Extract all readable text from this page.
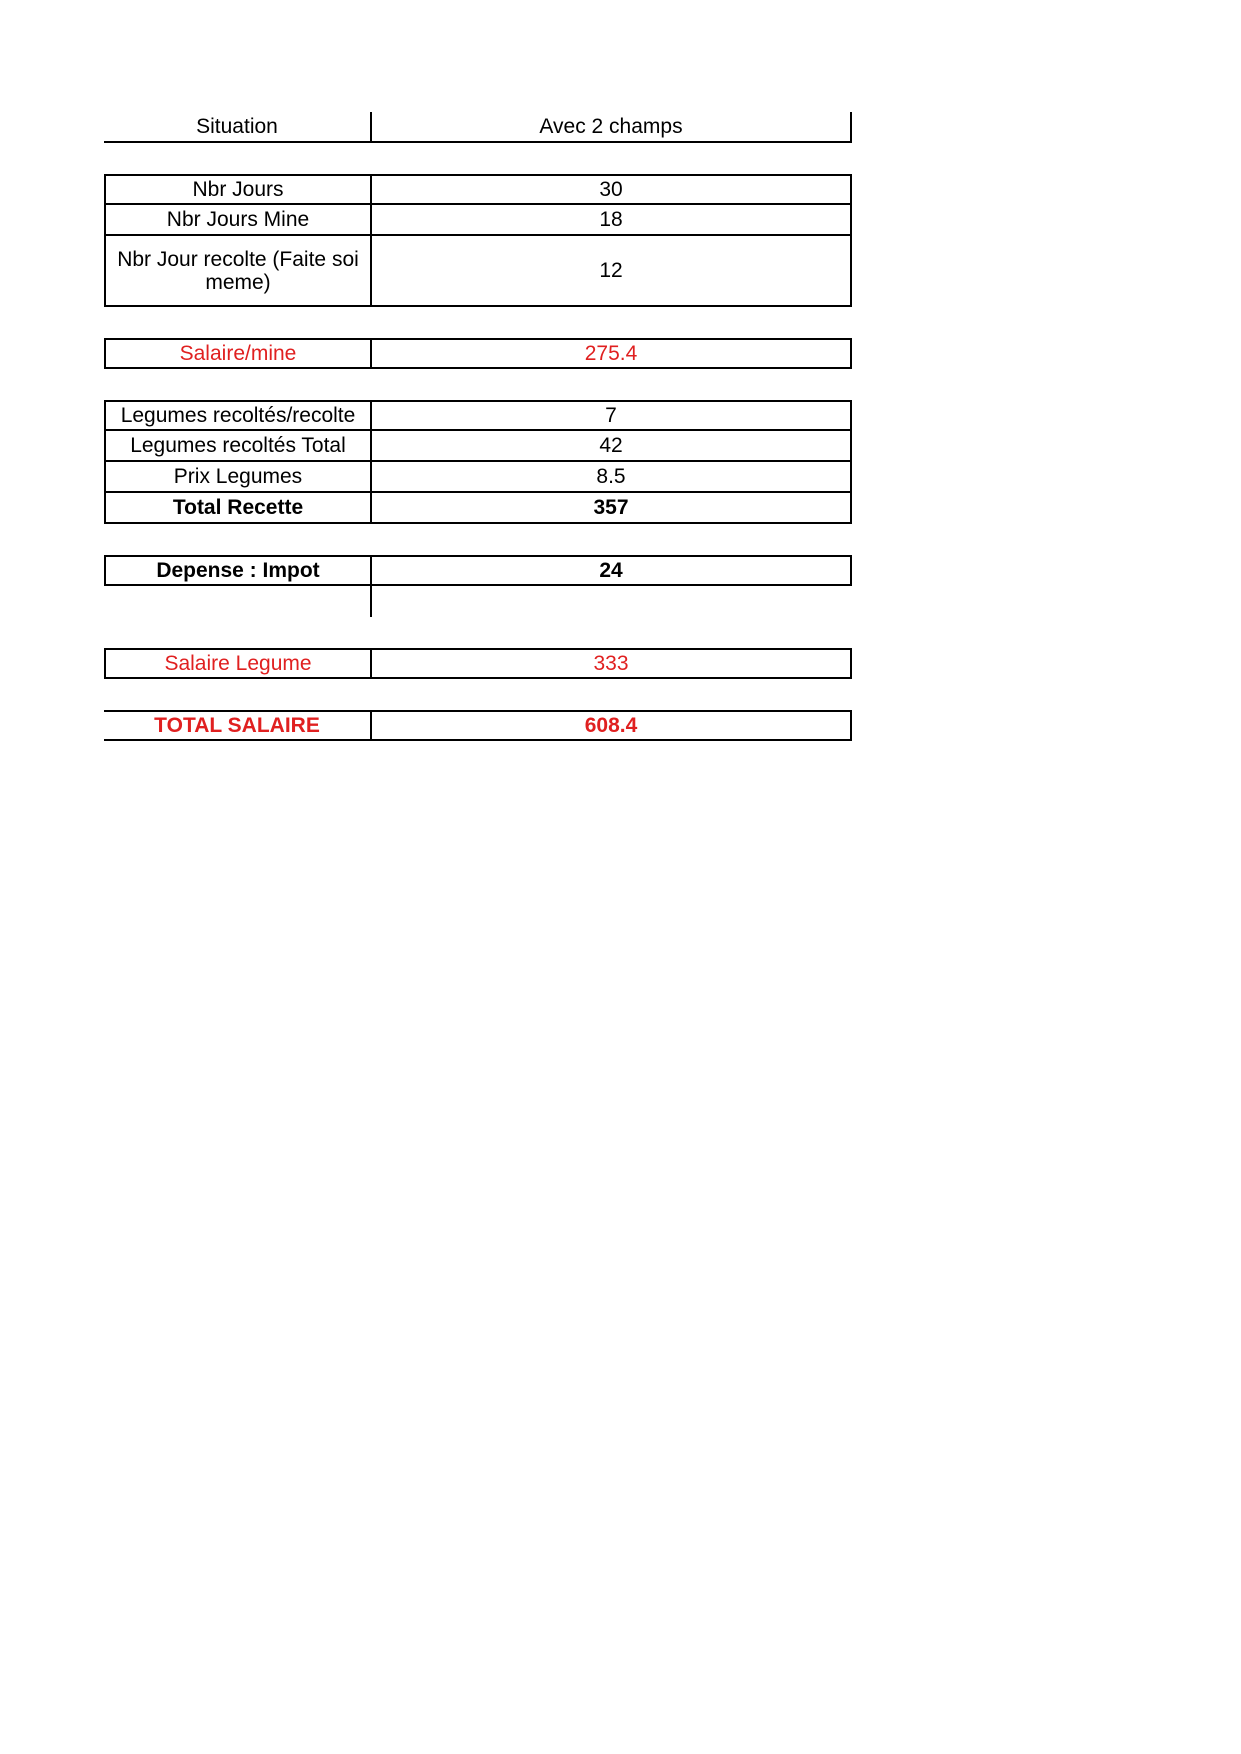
Situation	Avec 2 champs
Nbr Jours	30
Nbr Jours Mine	18
Nbr Jour recolte (Faite soi meme)	12
Salaire/mine	275.4
Legumes recoltés/recolte	7
Legumes recoltés Total	42
Prix Legumes	8.5
Total Recette	357
Depense : Impot	24
Salaire Legume	333
TOTAL SALAIRE	608.4
